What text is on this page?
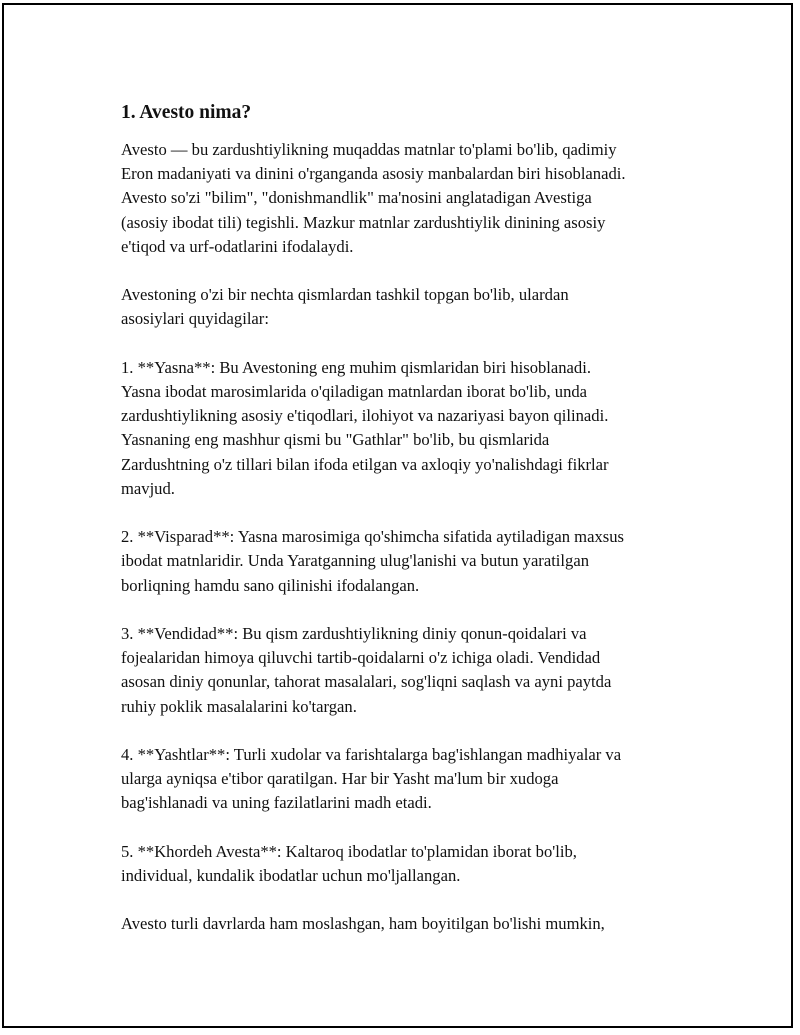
1. Avesto nima?

Avesto — bu zardushtiylikning muqaddas matnlar to'plami bo'lib, qadimiy
Eron madaniyati va dinini o'rganganda asosiy manbalardan biri hisoblanadi.
Avesto so'zi "bilim", "donishmandlik" ma'nosini anglatadigan Avestiga
(asosiy ibodat tili) tegishli. Mazkur matnlar zardushtiylik dinining asosiy
e'tiqod va urf-odatlarini ifodalaydi.

Avestoning o'zi bir nechta qismlardan tashkil topgan bo'lib, ulardan
asosiylari quyidagilar:

1. **Yasna**: Bu Avestoning eng muhim qismlaridan biri hisoblanadi.
Yasna ibodat marosimlarida o'qiladigan matnlardan iborat bo'lib, unda
zardushtiylikning asosiy e'tiqodlari, ilohiyot va nazariyasi bayon qilinadi.
Yasnaning eng mashhur qismi bu "Gathlar" bo'lib, bu qismlarida
Zardushtning o'z tillari bilan ifoda etilgan va axloqiy yo'nalishdagi fikrlar
mavjud.

2. **Visparad**: Yasna marosimiga qo'shimcha sifatida aytiladigan maxsus
ibodat matnlaridir. Unda Yaratganning ulug'lanishi va butun yaratilgan
borliqning hamdu sano qilinishi ifodalangan.

3. **Vendidad**: Bu qism zardushtiylikning diniy qonun-qoidalari va
fojealaridan himoya qiluvchi tartib-qoidalarni o'z ichiga oladi. Vendidad
asosan diniy qonunlar, tahorat masalalari, sog'liqni saqlash va ayni paytda
ruhiy poklik masalalarini ko'targan.

4. **Yashtlar**: Turli xudolar va farishtalarga bag'ishlangan madhiyalar va
ularga ayniqsa e'tibor qaratilgan. Har bir Yasht ma'lum bir xudoga
bag'ishlanadi va uning fazilatlarini madh etadi.

5. **Khordeh Avesta**: Kaltaroq ibodatlar to'plamidan iborat bo'lib,
individual, kundalik ibodatlar uchun mo'ljallangan.

Avesto turli davrlarda ham moslashgan, ham boyitilgan bo'lishi mumkin,
